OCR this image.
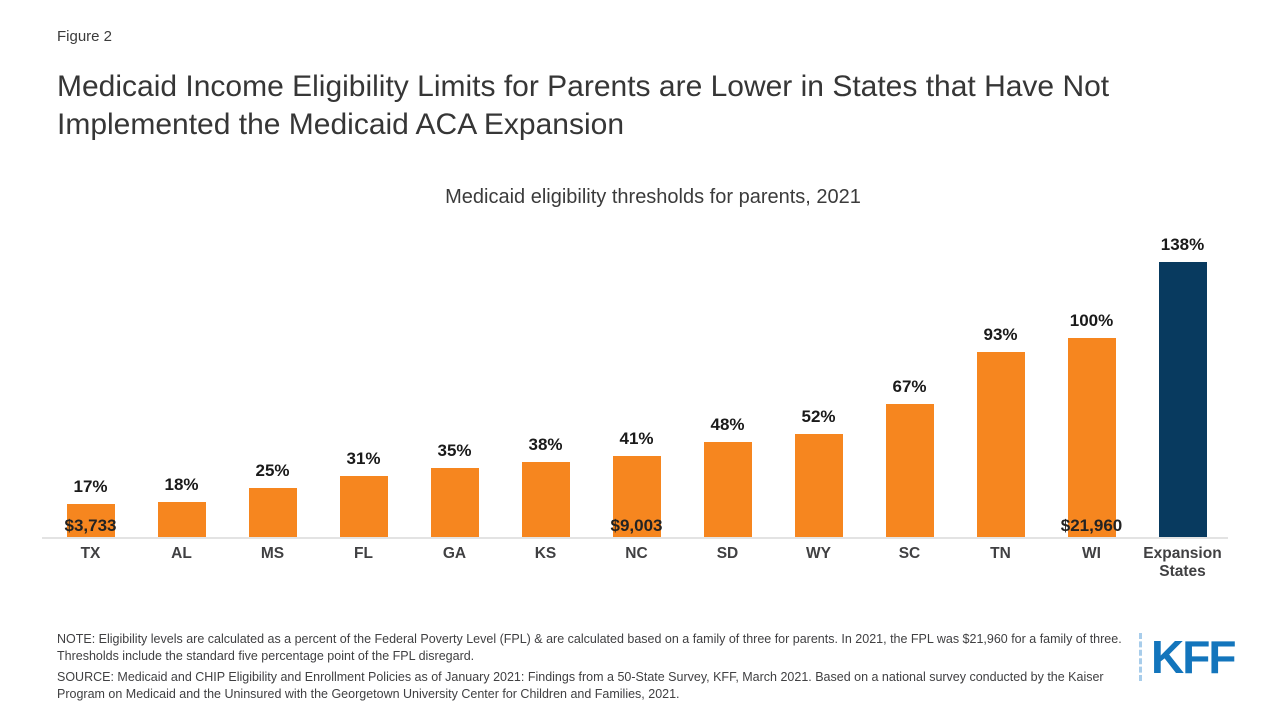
Figure 2
Medicaid Income Eligibility Limits for Parents are Lower in States that Have Not Implemented the Medicaid ACA Expansion
Medicaid eligibility thresholds for parents, 2021
17%
$3,733
18%
25%
31%	35%	38%	41%
$9,003
48%	52%
67%
93%
100%
$21,960
138%
TX	AL	MS	FL	GA	KS	NC	SD	WY	SC	TN	WI	Expansion States

NOTE: Eligibility levels are calculated as a percent of the Federal Poverty Level (FPL) & are calculated based on a family of three for parents. In 2021, the FPL was $21,960 for a family of three. Thresholds include the standard five percentage point of the FPL disregard.

SOURCE: Medicaid and CHIP Eligibility and Enrollment Policies as of January 2021: Findings from a 50-State Survey, KFF, March 2021. Based on a national survey conducted by the Kaiser Program on Medicaid and the Uninsured with the Georgetown University Center for Children and Families, 2021.

KFF
